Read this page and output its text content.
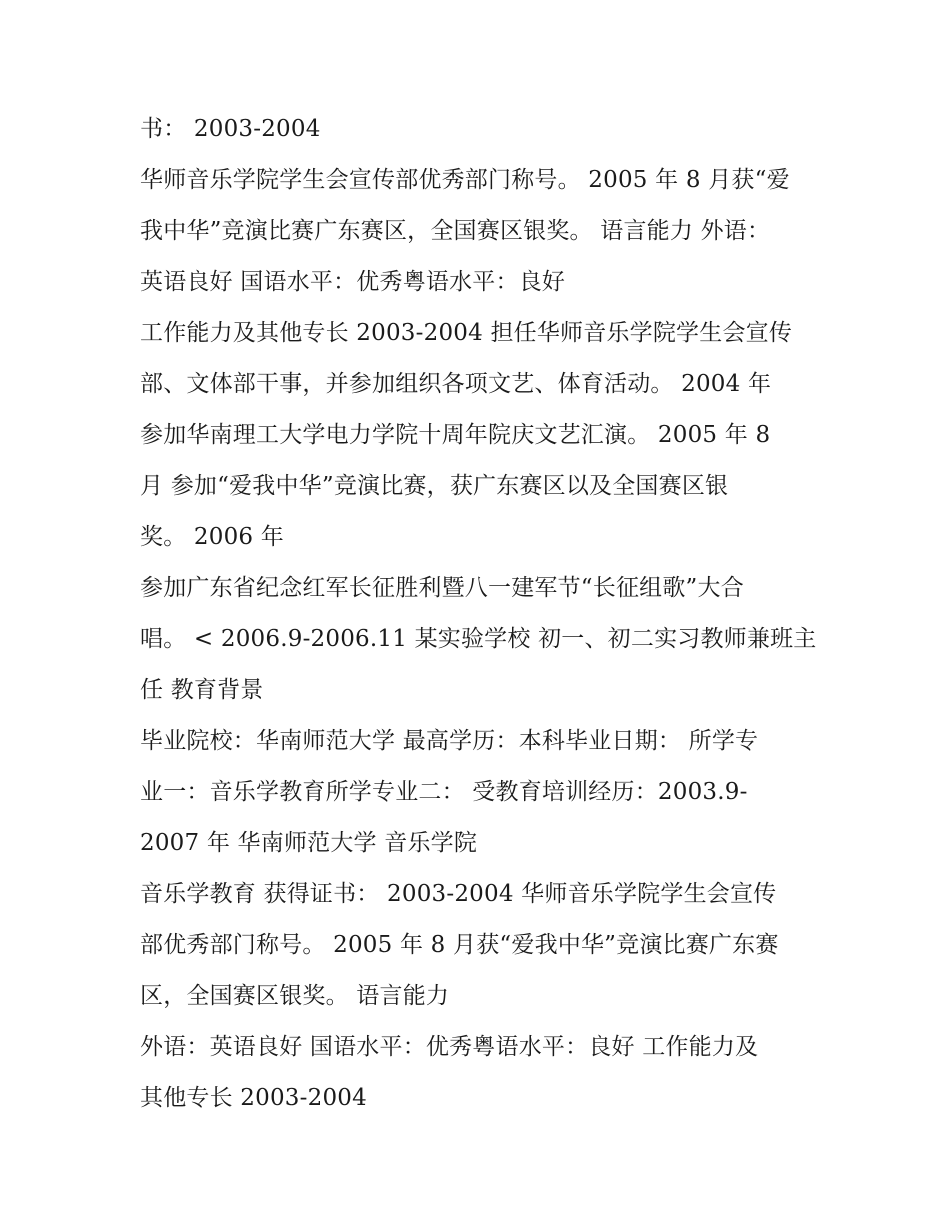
书： 2003-2004
华师音乐学院学生会宣传部优秀部门称号。 2005 年 8 月获“爱
我中华”竞演比赛广东赛区，全国赛区银奖。 语言能力 外语：
英语良好 国语水平：优秀粤语水平：良好
工作能力及其他专长 2003-2004 担任华师音乐学院学生会宣传
部、文体部干事，并参加组织各项文艺、体育活动。 2004 年
参加华南理工大学电力学院十周年院庆文艺汇演。 2005 年 8
月 参加“爱我中华”竞演比赛，获广东赛区以及全国赛区银
奖。 2006 年
参加广东省纪念红军长征胜利暨八一建军节“长征组歌”大合
唱。 < 2006.9-2006.11 某实验学校 初一、初二实习教师兼班主
任 教育背景
毕业院校：华南师范大学 最高学历：本科毕业日期： 所学专
业一：音乐学教育所学专业二： 受教育培训经历：2003.9-
2007 年 华南师范大学 音乐学院
音乐学教育 获得证书： 2003-2004 华师音乐学院学生会宣传
部优秀部门称号。 2005 年 8 月获“爱我中华”竞演比赛广东赛
区，全国赛区银奖。 语言能力
外语：英语良好 国语水平：优秀粤语水平：良好 工作能力及
其他专长 2003-2004
